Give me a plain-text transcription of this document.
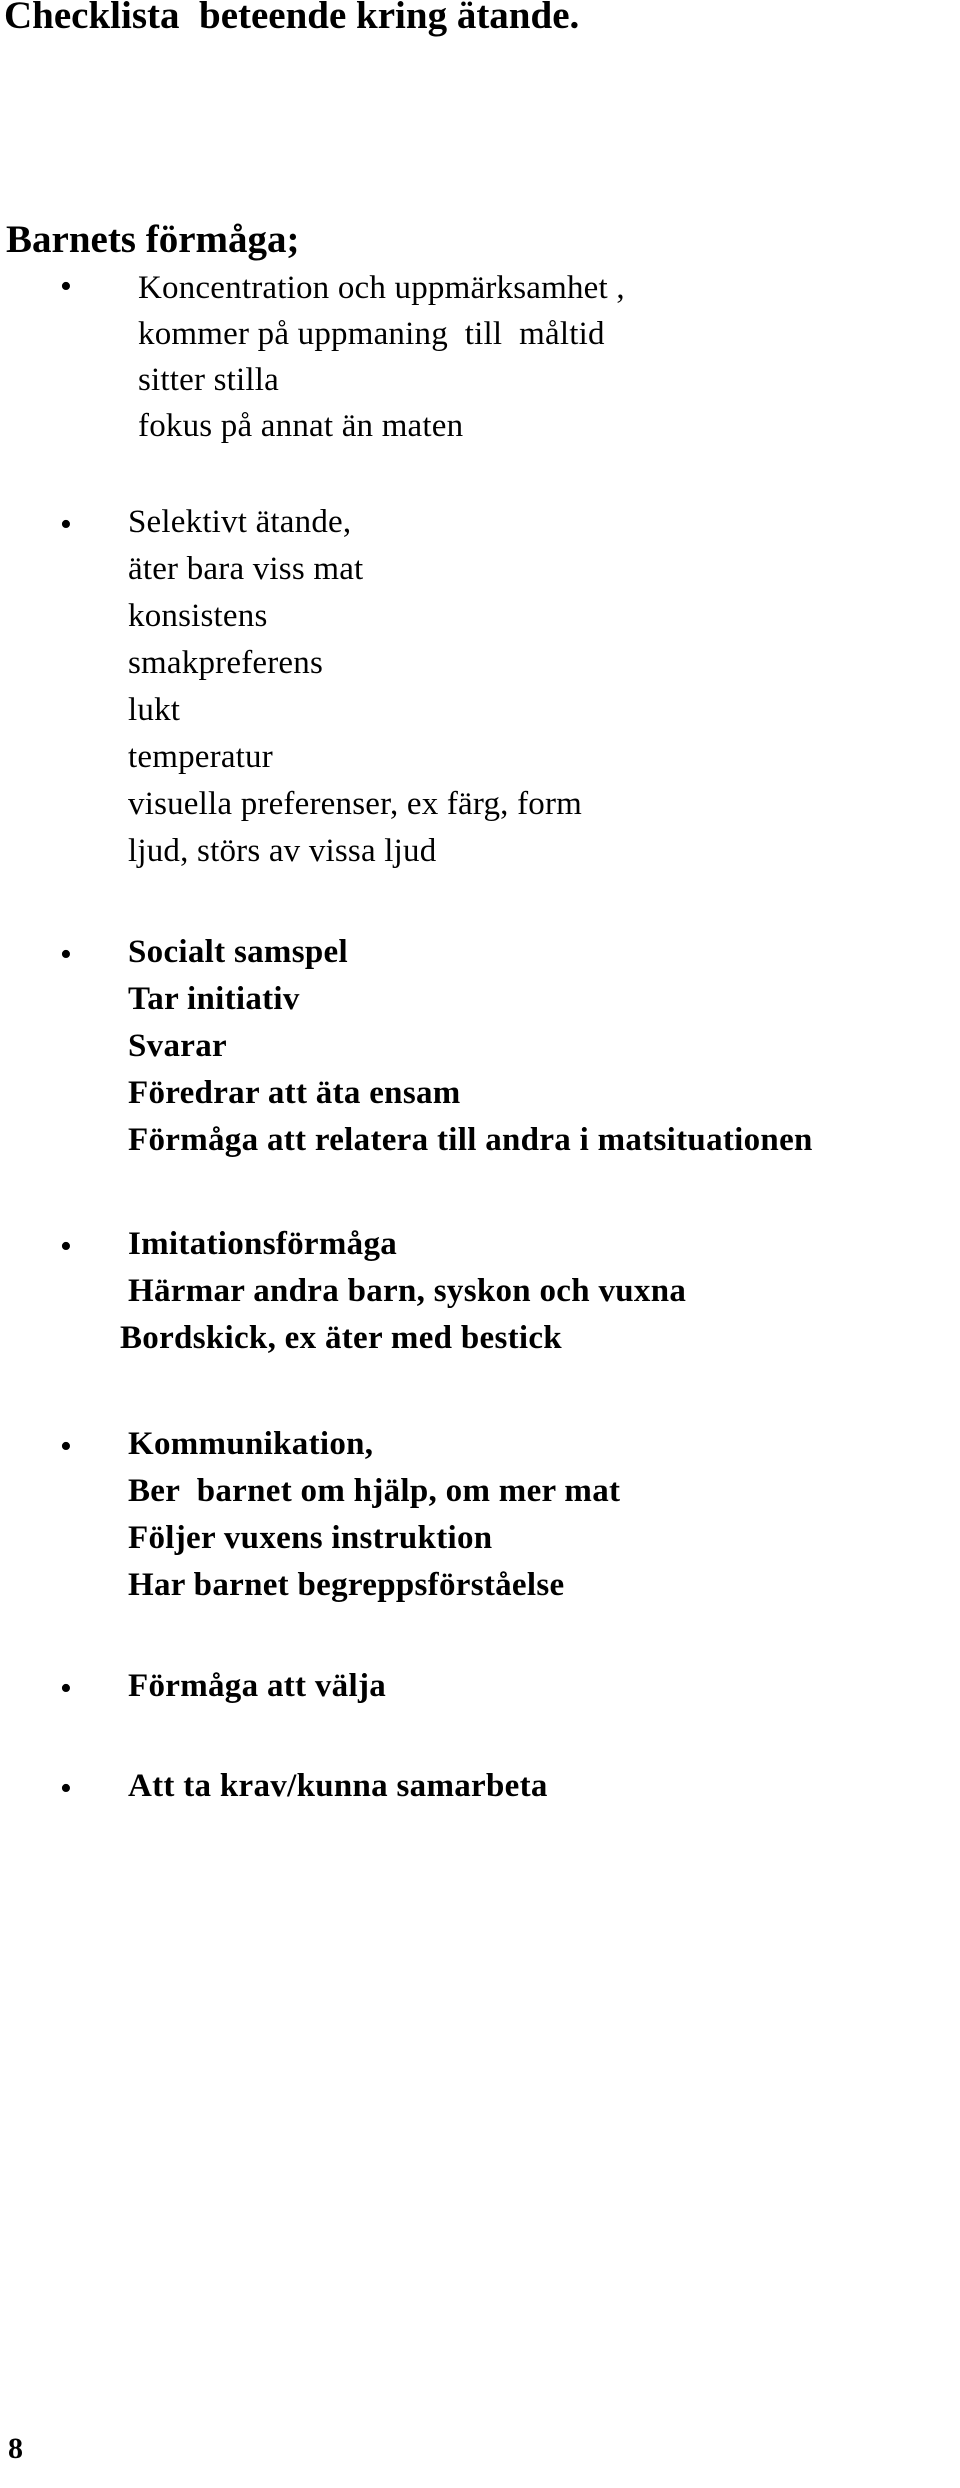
Checklista  beteende kring ätande.
Barnets förmåga;
• Koncentration och uppmärksamhet ,

kommer på uppmaning  till  måltid

sitter stilla

fokus på annat än maten

• Selektivt ätande,

äter bara viss mat

konsistens

smakpreferens

lukt

temperatur

visuella preferenser, ex färg, form

ljud, störs av vissa ljud

• Socialt samspel

Tar initiativ

Svarar

Föredrar att äta ensam

Förmåga att relatera till andra i matsituationen

• Imitationsförmåga

Härmar andra barn, syskon och vuxna

Bordskick, ex äter med bestick

• Kommunikation,

Ber  barnet om hjälp, om mer mat

Följer vuxens instruktion

Har barnet begreppsförståelse

• Förmåga att välja

• Att ta krav/kunna samarbeta

8
